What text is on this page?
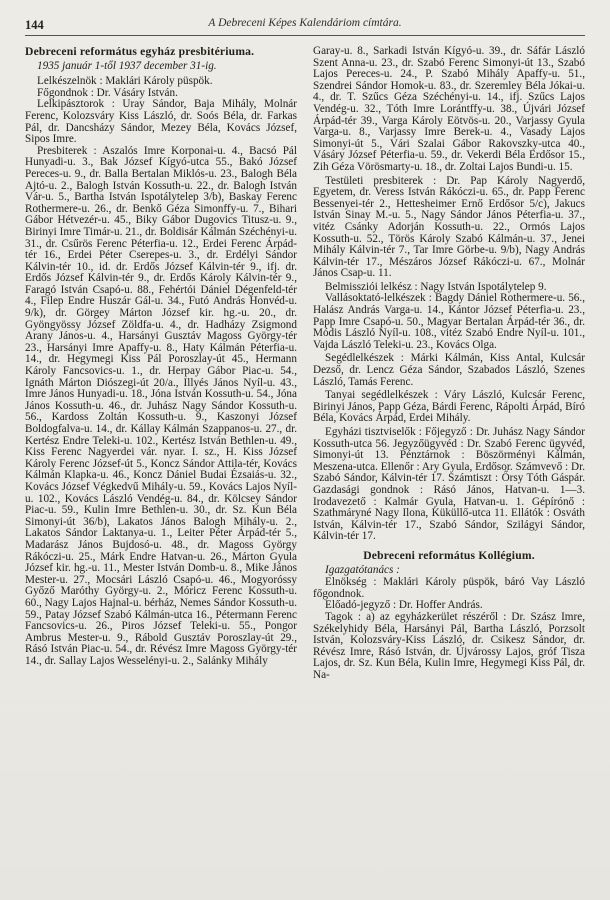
144	A Debreceni Képes Kalendáriom címtára.
Debreceni református egyház presbitériuma.

1935 január 1-től 1937 december 31-ig.

Lelkészelnök : Maklári Károly püspök.

Főgondnok : Dr. Vásáry István.

Lelkipásztorok : Uray Sándor, Baja Mihály, Molnár Ferenc, Kolozsváry Kiss László, dr. Soós Béla, dr. Farkas Pál, dr. Dancsházy Sándor, Mezey Béla, Kovács József, Sipos Imre.

Presbiterek : Aszalós Imre Korponai-u. 4., Bacsó Pál Hunyadi-u. 3., Bak József Kígyó-utca 55., Bakó József Pereces-u. 9., dr. Balla Bertalan Miklós-u. 23., Balogh Béla Ajtó-u. 2., Balogh István Kossuth-u. 22., dr. Balogh István Vár-u. 5., Bartha István Ispotálytelep 3/b), Baskay Ferenc Rothermere-u. 26., dr. Benkő Géza Simonffy-u. 7., Bihari Gábor Hétvezér-u. 45., Biky Gábor Dugovics Titusz-u. 9., Birinyi Imre Timár-u. 21., dr. Boldisár Kálmán Széchényi-u. 31., dr. Csűrös Ferenc Péterfia-u. 12., Erdei Ferenc Árpád-tér 16., Erdei Péter Cserepes-u. 3., dr. Erdélyi Sándor Kálvin-tér 10., id. dr. Erdős József Kálvin-tér 9., ifj. dr. Erdős József Kálvin-tér 9., dr. Erdős Károly Kálvin-tér 9., Faragó István Csapó-u. 88., Fehértói Dániel Dégenfeld-tér 4., Filep Endre Huszár Gál-u. 34., Futó András Honvéd-u. 9/k), dr. Görgey Márton József kir. hg.-u. 20., dr. Gyöngyössy József Zöldfa-u. 4., dr. Hadházy Zsigmond Arany János-u. 4., Harsányi Gusztáv Magoss György-tér 23., Harsányi Imre Apaffy-u. 8., Haty Kálmán Péterfia-u. 14., dr. Hegymegi Kiss Pál Poroszlay-út 45., Hermann Károly Fancsovics-u. 1., dr. Herpay Gábor Piac-u. 54., Ignáth Márton Diószegi-út 20/a., Illyés János Nyíl-u. 43., Imre János Hunyadi-u. 18., Jóna István Kossuth-u. 54., Jóna János Kossuth-u. 46., dr. Juhász Nagy Sándor Kossuth-u. 56., Kardoss Zoltán Kossuth-u. 9., Kaszonyi József Boldogfalva-u. 14., dr. Kállay Kálmán Szappanos-u. 27., dr. Kertész Endre Teleki-u. 102., Kertész István Bethlen-u. 49., Kiss Ferenc Nagyerdei vár. nyar. I. sz., H. Kiss József Károly Ferenc József-út 5., Koncz Sándor Attila-tér, Kovács Kálmán Klapka-u. 46., Koncz Dániel Budai Ézsaiás-u. 32., Kovács József Végkedvű Mihály-u. 59., Kovács Lajos Nyíl-u. 102., Kovács László Vendég-u. 84., dr. Kölcsey Sándor Piac-u. 59., Kulin Imre Bethlen-u. 30., dr. Sz. Kun Béla Simonyi-út 36/b), Lakatos János Balogh Mihály-u. 2., Lakatos Sándor Laktanya-u. 1., Leiter Péter Árpád-tér 5., Madarász János Bujdosó-u. 48., dr. Magoss György Rákóczi-u. 25., Márk Endre Hatvan-u. 26., Márton Gyula József kir. hg.-u. 11., Mester István Domb-u. 8., Mike János Mester-u. 27., Mocsári László Csapó-u. 46., Mogyoróssy Győző Maróthy György-u. 2., Móricz Ferenc Kossuth-u. 60., Nagy Lajos Hajnal-u. bérház, Nemes Sándor Kossuth-u. 59., Patay József Szabó Kálmán-utca 16., Pétermann Ferenc Fancsovics-u. 26., Piros József Teleki-u. 55., Pongor Ambrus Mester-u. 9., Rábold Gusztáv Poroszlay-út 29., Rásó István Piac-u. 54., dr. Révész Imre Magoss György-tér 14., dr. Sallay Lajos Wesselényi-u. 2., Salánky Mihály

Garay-u. 8., Sarkadi István Kígyó-u. 39., dr. Sáfár László Szent Anna-u. 23., dr. Szabó Ferenc Simonyi-út 13., Szabó Lajos Pereces-u. 24., P. Szabó Mihály Apaffy-u. 51., Szendrei Sándor Homok-u. 83., dr. Szeremley Béla Jókai-u. 4., dr. T. Szűcs Géza Széchényi-u. 14., ifj. Szűcs Lajos Vendég-u. 32., Tóth Imre Lorántffy-u. 38., Újvári József Árpád-tér 39., Varga Károly Eötvös-u. 20., Varjassy Gyula Varga-u. 8., Varjassy Imre Berek-u. 4., Vasady Lajos Simonyi-út 5., Vári Szalai Gábor Rakovszky-utca 40., Vásáry József Péterfia-u. 59., dr. Vekerdi Béla Erdősor 15., Zih Géza Vörösmarty-u. 18., dr. Zoltai Lajos Bundi-u. 15.

Testületi presbiterek : Dr. Pap Károly Nagyerdő, Egyetem, dr. Veress István Rákóczi-u. 65., dr. Papp Ferenc Bessenyei-tér 2., Hettesheimer Ernő Erdősor 5/c), Jakucs István Sinay M.-u. 5., Nagy Sándor János Péterfia-u. 37., vitéz Csánky Adorján Kossuth-u. 22., Ormós Lajos Kossuth-u. 52., Törös Károly Szabó Kálmán-u. 37., Jenei Mihály Kálvin-tér 7., Tar Imre Görbe-u. 9/b), Nagy András Kálvin-tér 17., Mészáros József Rákóczi-u. 67., Molnár János Csap-u. 11.

Belmissziói lelkész : Nagy István Ispotálytelep 9.

Vallásoktató-lelkészek : Bagdy Dániel Rothermere-u. 56., Halász András Varga-u. 14., Kántor József Péterfia-u. 23., Papp Imre Csapó-u. 50., Magyar Bertalan Árpád-tér 36., dr. Módis László Nyíl-u. 108., vitéz Szabó Endre Nyíl-u. 101., Vajda László Teleki-u. 23., Kovács Olga.

Segédlelkészek : Márki Kálmán, Kiss Antal, Kulcsár Dezső, dr. Lencz Géza Sándor, Szabados László, Szenes László, Tamás Ferenc.

Tanyai segédlelkészek : Váry László, Kulcsár Ferenc, Birinyi János, Papp Géza, Bárdi Ferenc, Rápolti Árpád, Bíró Béla, Kovács Árpád, Erdei Mihály.

Egyházi tisztviselők : Főjegyző : Dr. Juhász Nagy Sándor Kossuth-utca 56. Jegyzőügyvéd : Dr. Szabó Ferenc ügyvéd, Simonyi-út 13. Pénztárnok : Böszörményi Kálmán, Meszena-utca. Ellenőr : Ary Gyula, Erdősor. Számvevő : Dr. Szabó Sándor, Kálvin-tér 17. Számtiszt : Őrsy Tóth Gáspár. Gazdasági gondnok : Rásó János, Hatvan-u. 1—3. Irodavezető : Kalmár Gyula, Hatvan-u. 1. Gépírónő : Szathmáryné Nagy Ilona, Küküllő-utca 11. Ellátók : Osváth István, Kálvin-tér 17., Szabó Sándor, Szilágyi Sándor, Kálvin-tér 17.

Debreceni református Kollégium.

Igazgatótanács :

Elnökség : Maklári Károly püspök, báró Vay László főgondnok.

Előadó-jegyző : Dr. Hoffer András.

Tagok : a) az egyházkerület részéről : Dr. Szász Imre, Székelyhidy Béla, Harsányi Pál, Bartha László, Porzsolt István, Kolozsváry-Kiss László, dr. Csikesz Sándor, dr. Révész Imre, Rásó István, dr. Újvárossy Lajos, gróf Tisza Lajos, dr. Sz. Kun Béla, Kulin Imre, Hegymegi Kiss Pál, dr. Na-
